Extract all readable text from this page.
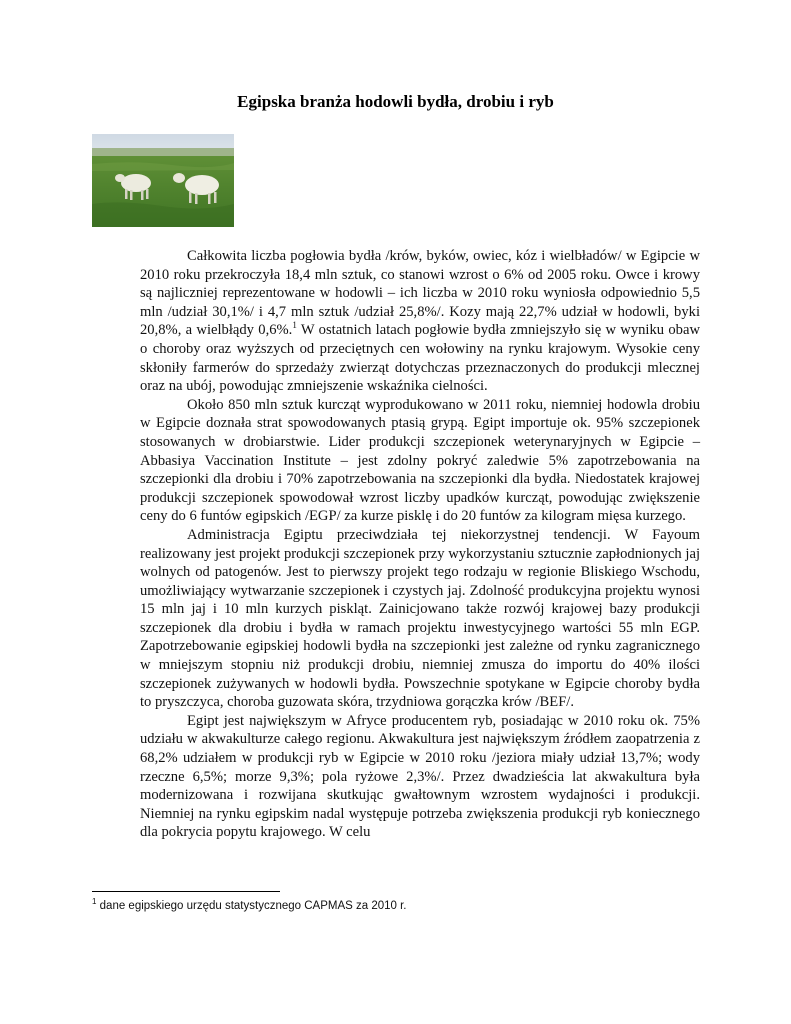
Egipska branża hodowli bydła, drobiu i ryb

Całkowita liczba pogłowia bydła /krów, byków, owiec, kóz i wielbładów/ w Egipcie w 2010 roku przekroczyła 18,4 mln sztuk, co stanowi wzrost o 6% od 2005 roku. Owce i krowy są najliczniej reprezentowane w hodowli – ich liczba w 2010 roku wyniosła odpowiednio 5,5 mln /udział 30,1%/ i 4,7 mln sztuk /udział 25,8%/. Kozy mają 22,7% udział w hodowli, byki 20,8%, a wielbłądy 0,6%.$^1$ W ostatnich latach pogłowie bydła zmniejszyło się w wyniku obaw o choroby oraz wyższych od przeciętnych cen wołowiny na rynku krajowym. Wysokie ceny skłoniły farmerów do sprzedaży zwierząt dotychczas przeznaczonych do produkcji mlecznej oraz na ubój, powodując zmniejszenie wskaźnika cielności.

Około 850 mln sztuk kurcząt wyprodukowano w 2011 roku, niemniej hodowla drobiu w Egipcie doznała strat spowodowanych ptasią grypą. Egipt importuje ok. 95% szczepionek stosowanych w drobiarstwie. Lider produkcji szczepionek weterynaryjnych w Egipcie – Abbasiya Vaccination Institute – jest zdolny pokryć zaledwie 5% zapotrzebowania na szczepionki dla drobiu i 70% zapotrzebowania na szczepionki dla bydła. Niedostatek krajowej produkcji szczepionek spowodował wzrost liczby upadków kurcząt, powodując zwiększenie ceny do 6 funtów egipskich /EGP/ za kurze pisklę i do 20 funtów za kilogram mięsa kurzego.

Administracja Egiptu przeciwdziała tej niekorzystnej tendencji. W Fayoum realizowany jest projekt produkcji szczepionek przy wykorzystaniu sztucznie zapłodnionych jaj wolnych od patogenów. Jest to pierwszy projekt tego rodzaju w regionie Bliskiego Wschodu, umożliwiający wytwarzanie szczepionek i czystych jaj. Zdolność produkcyjna projektu wynosi 15 mln jaj i 10 mln kurzych piskląt. Zainicjowano także rozwój krajowej bazy produkcji szczepionek dla drobiu i bydła w ramach projektu inwestycyjnego wartości 55 mln EGP. Zapotrzebowanie egipskiej hodowli bydła na szczepionki jest zależne od rynku zagranicznego w mniejszym stopniu niż produkcji drobiu, niemniej zmusza do importu do 40% ilości szczepionek zużywanych w hodowli bydła. Powszechnie spotykane w Egipcie choroby bydła to pryszczyca, choroba guzowata skóra, trzydniowa gorączka krów /BEF/.

Egipt jest największym w Afryce producentem ryb, posiadając w 2010 roku ok. 75% udziału w akwakulturze całego regionu. Akwakultura jest największym źródłem zaopatrzenia z 68,2% udziałem w produkcji ryb w Egipcie w 2010 roku /jeziora miały udział 13,7%; wody rzeczne 6,5%; morze 9,3%; pola ryżowe 2,3%/. Przez dwadzieścia lat akwakultura była modernizowana i rozwijana skutkując gwałtownym wzrostem wydajności i produkcji. Niemniej na rynku egipskim nadal występuje potrzeba zwiększenia produkcji ryb koniecznego dla pokrycia popytu krajowego. W celu

$^1$ dane egipskiego urzędu statystycznego CAPMAS za 2010 r.
